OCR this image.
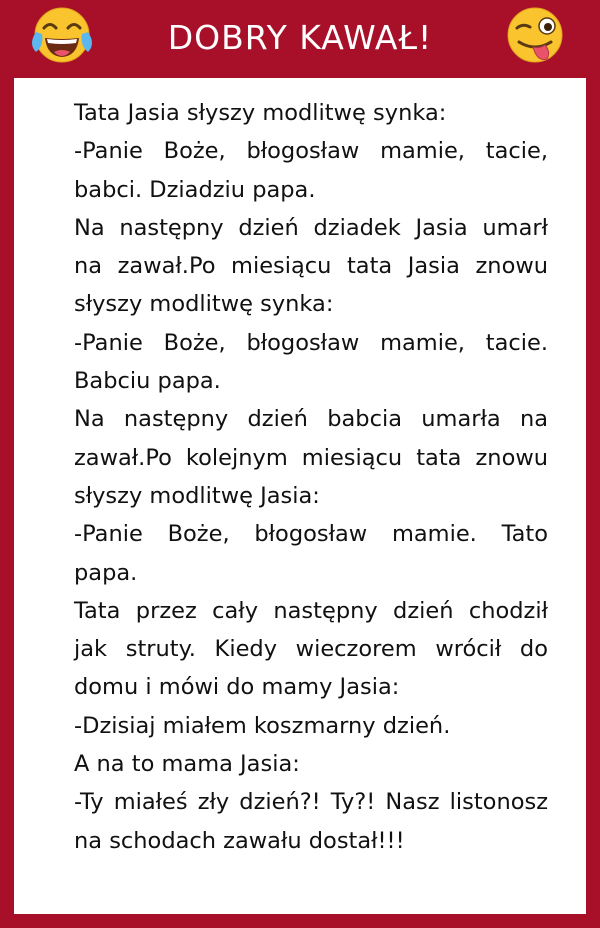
DOBRY KAWAŁ!
Tata Jasia słyszy modlitwę synka:
-Panie Boże, błogosław mamie, tacie,
babci. Dziadziu papa.
Na następny dzień dziadek Jasia umarł
na zawał.Po miesiącu tata Jasia znowu
słyszy modlitwę synka:
-Panie Boże, błogosław mamie, tacie.
Babciu papa.
Na następny dzień babcia umarła na
zawał.Po kolejnym miesiącu tata znowu
słyszy modlitwę Jasia:
-Panie Boże, błogosław mamie. Tato
papa.
Tata przez cały następny dzień chodził
jak struty. Kiedy wieczorem wrócił do
domu i mówi do mamy Jasia:
-Dzisiaj miałem koszmarny dzień.
A na to mama Jasia:
-Ty miałeś zły dzień?! Ty?! Nasz listonosz
na schodach zawału dostał!!!
